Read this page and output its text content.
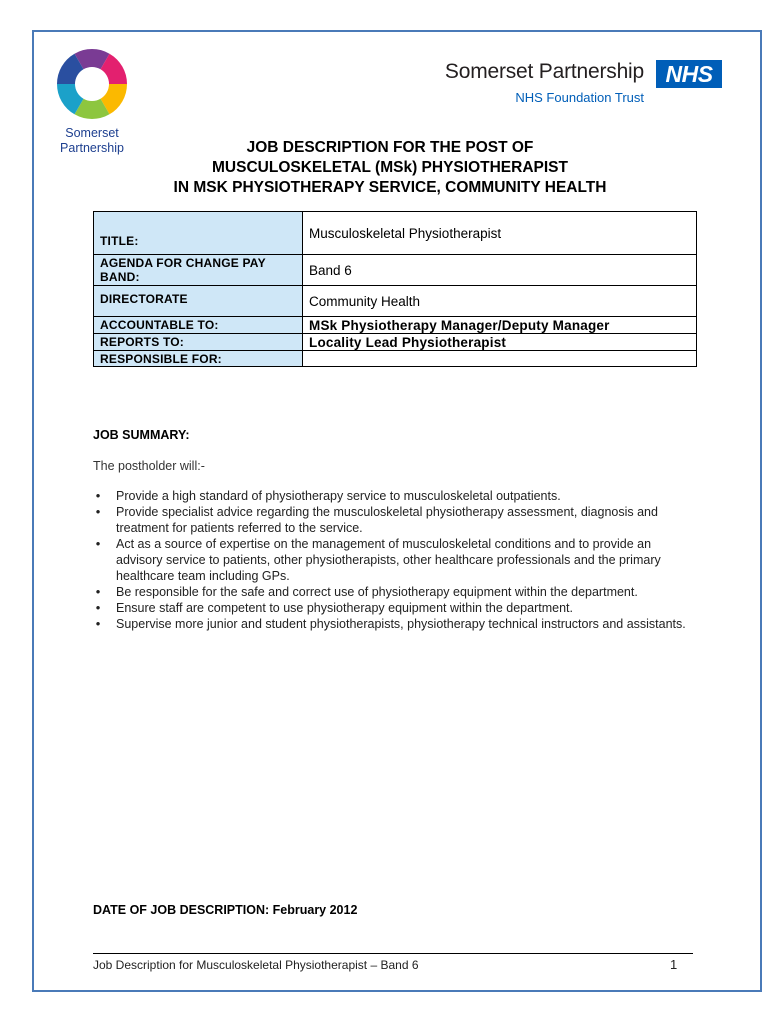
Somerset
Partnership
Somerset Partnership NHS
NHS Foundation Trust
JOB DESCRIPTION FOR THE POST OF
MUSCULOSKELETAL (MSk) PHYSIOTHERAPIST
IN MSK PHYSIOTHERAPY SERVICE, COMMUNITY HEALTH
TITLE:	Musculoskeletal Physiotherapist
AGENDA FOR CHANGE PAY BAND:	Band 6
DIRECTORATE	Community Health
ACCOUNTABLE TO:	MSk Physiotherapy Manager/Deputy Manager
REPORTS TO:	Locality Lead Physiotherapist
RESPONSIBLE FOR:	
JOB SUMMARY:
The postholder will:-
• Provide a high standard of physiotherapy service to musculoskeletal outpatients.
• Provide specialist advice regarding the musculoskeletal physiotherapy assessment, diagnosis and treatment for patients referred to the service.
• Act as a source of expertise on the management of musculoskeletal conditions and to provide an advisory service to patients, other physiotherapists, other healthcare professionals and the primary healthcare team including GPs.
• Be responsible for the safe and correct use of physiotherapy equipment within the department.
• Ensure staff are competent to use physiotherapy equipment within the department.
• Supervise more junior and student physiotherapists, physiotherapy technical instructors and assistants.
DATE OF JOB DESCRIPTION: February 2012
Job Description for Musculoskeletal Physiotherapist – Band 6	1
